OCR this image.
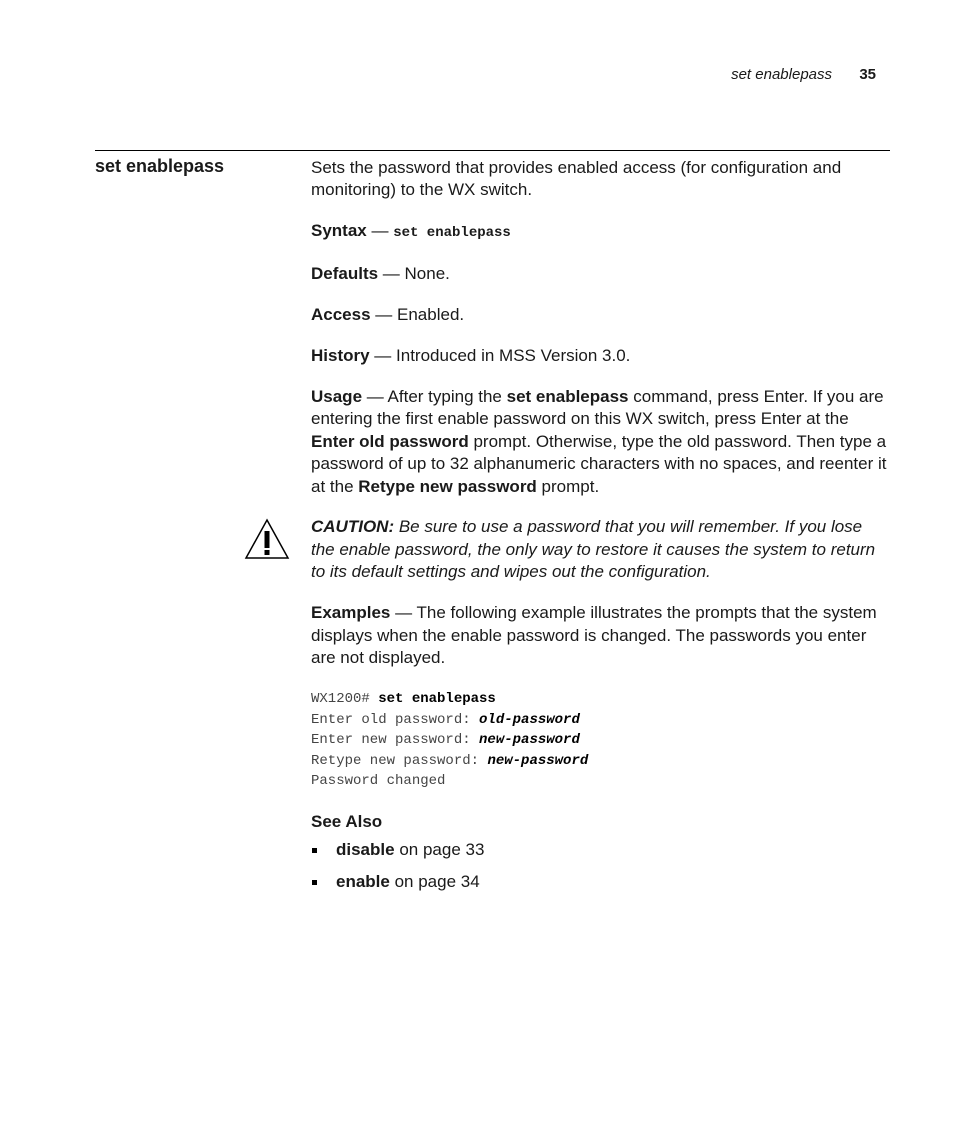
set enablepass 35
set enablepass	Sets the password that provides enabled access (for configuration and monitoring) to the WX switch.

Syntax — set enablepass

Defaults — None.

Access — Enabled.

History — Introduced in MSS Version 3.0.

Usage — After typing the set enablepass command, press Enter. If you are entering the first enable password on this WX switch, press Enter at the Enter old password prompt. Otherwise, type the old password. Then type a password of up to 32 alphanumeric characters with no spaces, and reenter it at the Retype new password prompt.

CAUTION: Be sure to use a password that you will remember. If you lose the enable password, the only way to restore it causes the system to return to its default settings and wipes out the configuration.

Examples — The following example illustrates the prompts that the system displays when the enable password is changed. The passwords you enter are not displayed.

WX1200# set enablepass
Enter old password: old-password
Enter new password: new-password
Retype new password: new-password
Password changed

See Also

disable on page 33
enable on page 34
